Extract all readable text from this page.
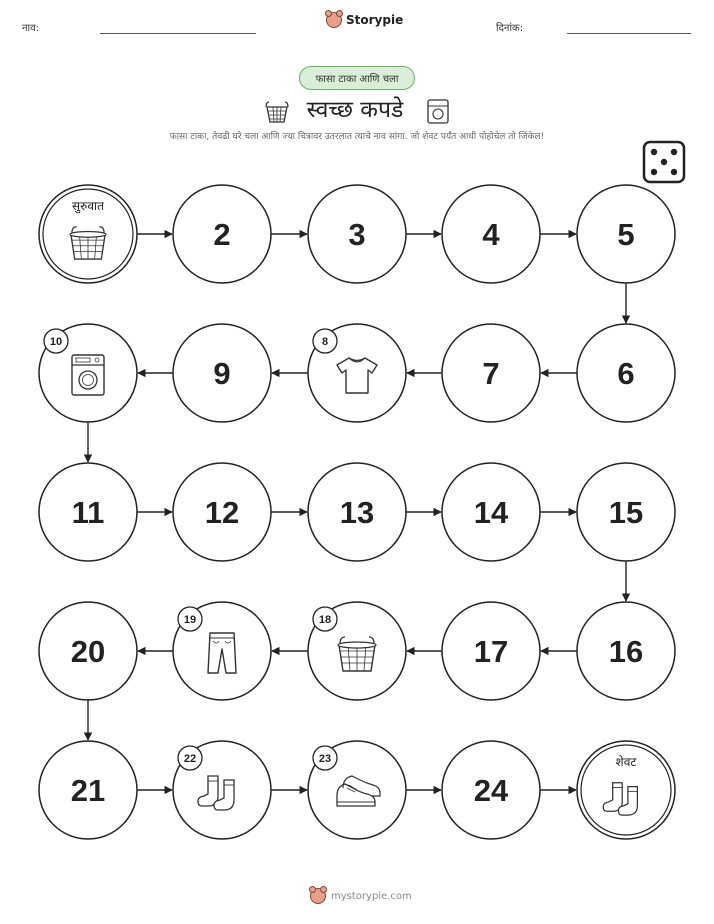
नाव:
Storypie
दिनांक:
फासा टाका आणि चला
स्वच्छ कपडे
फासा टाका, तेवढी घरे चला आणि ज्या चित्रावर उतरलात त्याचे नाव सांगा. जो शेवट पर्यंत आधी पोहोचेल तो जिंकेल!
सुरुवात
2	3	4	5
6
7
8
9
10
11	12	13	14	15
16
17
18
19
20
21
22	23
24
शेवट
mystorypie.com
